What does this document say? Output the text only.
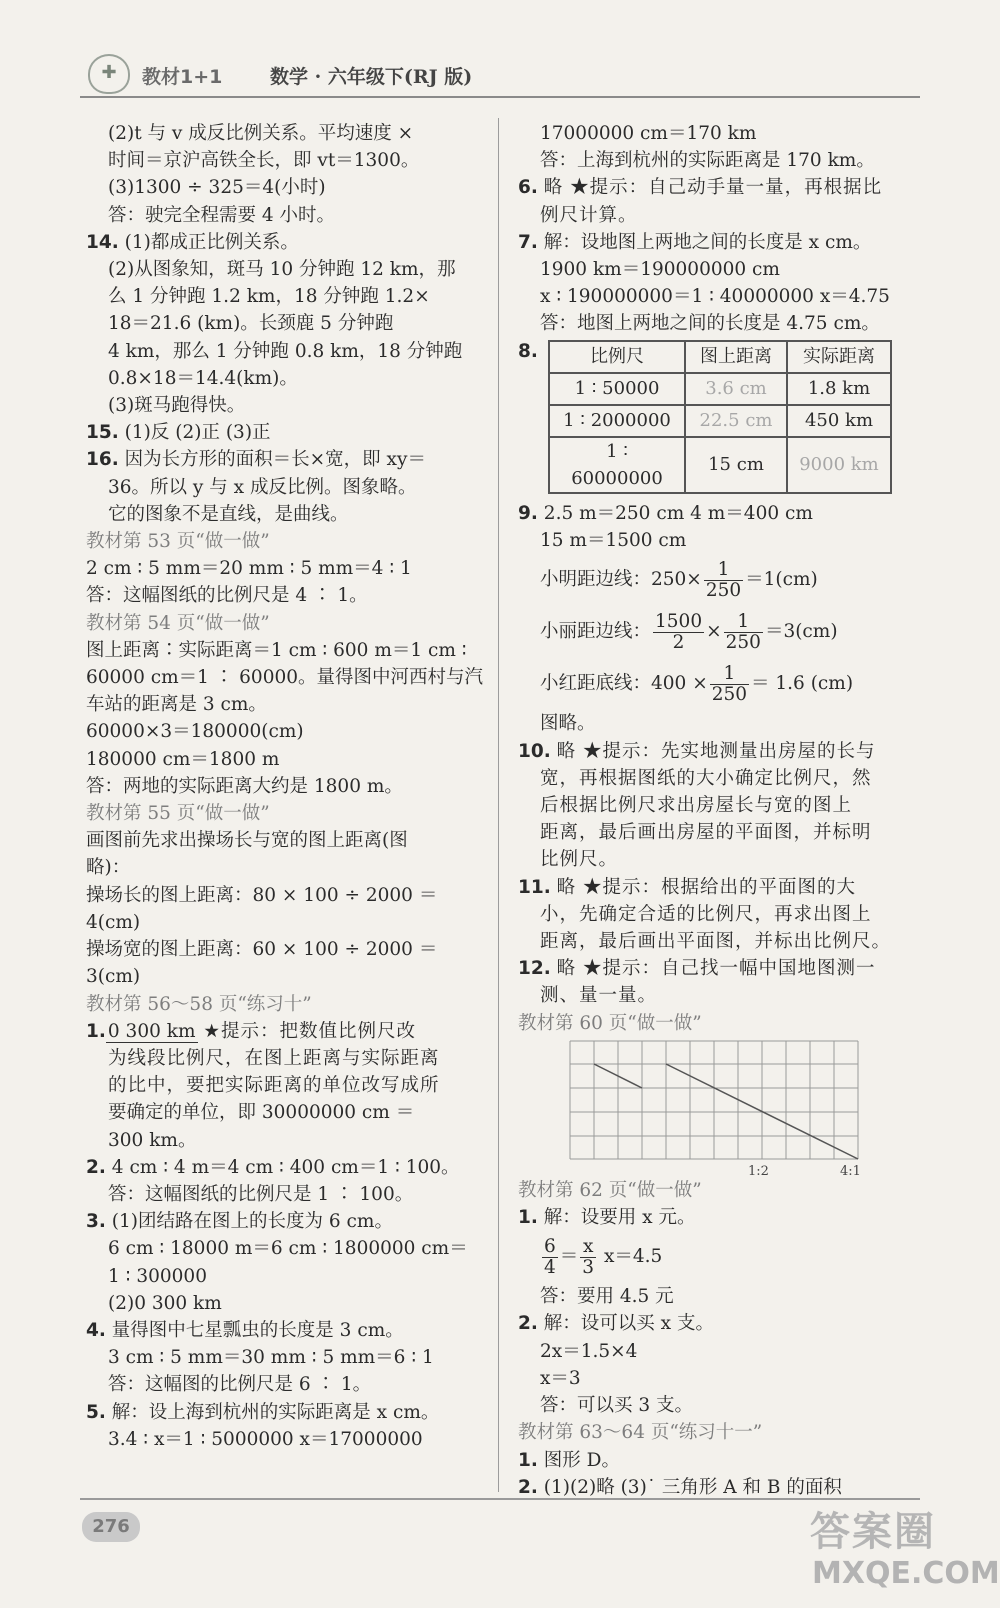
✚	教材1+1	数学 · 六年级下(RJ 版)

(2)t 与 v 成反比例关系。平均速度 ×

时间＝京沪高铁全长，即 vt＝1300。

(3)1300 ÷ 325＝4(小时)

答：驶完全程需要 4 小时。

14. (1)都成正比例关系。

(2)从图象知，斑马 10 分钟跑 12 km，那

么 1 分钟跑 1.2 km，18 分钟跑 1.2×

18＝21.6 (km)。长颈鹿 5 分钟跑

4 km，那么 1 分钟跑 0.8 km，18 分钟跑

0.8×18＝14.4(km)。

(3)斑马跑得快。

15. (1)反 (2)正 (3)正

16. 因为长方形的面积＝长×宽，即 xy＝

36。所以 y 与 x 成反比例。图象略。

它的图象不是直线，是曲线。

教材第 53 页“做一做”

2 cm ∶ 5 mm＝20 mm ∶ 5 mm＝4 ∶ 1

答：这幅图纸的比例尺是 4 ∶ 1。

教材第 54 页“做一做”

图上距离∶实际距离＝1 cm ∶ 600 m＝1 cm ∶

60000 cm＝1 ∶ 60000。量得图中河西村与汽

车站的距离是 3 cm。

60000×3＝180000(cm)

180000 cm＝1800 m

答：两地的实际距离大约是 1800 m。

教材第 55 页“做一做”

画图前先求出操场长与宽的图上距离(图

略)：

操场长的图上距离：80 × 100 ÷ 2000 ＝

4(cm)

操场宽的图上距离：60 × 100 ÷ 2000 ＝

3(cm)

教材第 56～58 页“练习十”

1. 0 300 km ★提示：把数值比例尺改

为线段比例尺，在图上距离与实际距离

的比中，要把实际距离的单位改写成所

要确定的单位，即 30000000 cm ＝

300 km。

2. 4 cm ∶ 4 m＝4 cm ∶ 400 cm＝1 ∶ 100。

答：这幅图纸的比例尺是 1 ∶ 100。

3. (1)团结路在图上的长度为 6 cm。

6 cm ∶ 18000 m＝6 cm ∶ 1800000 cm＝

1 ∶ 300000

(2)0 300 km

4. 量得图中七星瓢虫的长度是 3 cm。

3 cm ∶ 5 mm＝30 mm ∶ 5 mm＝6 ∶ 1

答：这幅图的比例尺是 6 ∶ 1。

5. 解：设上海到杭州的实际距离是 x cm。

3.4 ∶ x＝1 ∶ 5000000 x＝17000000

17000000 cm＝170 km

答：上海到杭州的实际距离是 170 km。

6. 略 ★提示：自己动手量一量，再根据比

例尺计算。

7. 解：设地图上两地之间的长度是 x cm。

1900 km＝190000000 cm

x ∶ 190000000＝1 ∶ 40000000 x＝4.75

答：地图上两地之间的长度是 4.75 cm。

8.	比例尺	图上距离	实际距离
1 ∶ 50000	3.6 cm	1.8 km
1 ∶ 2000000	22.5 cm	450 km
1 ∶ 60000000	15 cm	9000 km

9. 2.5 m＝250 cm 4 m＝400 cm

15 m＝1500 cm

小明距边线：$250\times \frac{1}{250} =1(cm)$

小丽距边线： $\frac{1500}{2} \times \frac{1}{250} =3(cm)$

小红距底线：$400 \times \frac{1}{250} = 1.6$ (cm)

图略。

10. 略 ★提示：先实地测量出房屋的长与

宽，再根据图纸的大小确定比例尺，然

后根据比例尺求出房屋长与宽的图上

距离，最后画出房屋的平面图，并标明

比例尺。

11. 略 ★提示：根据给出的平面图的大

小，先确定合适的比例尺，再求出图上

距离，最后画出平面图，并标出比例尺。

12. 略 ★提示：自己找一幅中国地图测一

测、量一量。

教材第 60 页“做一做”

1:2	4:1

教材第 62 页“做一做”

1. 解：设要用 x 元。

$\frac{6}{4} = \frac{x}{3} x=4.5$

答：要用 4.5 元

2. 解：设可以买 x 支。

2x＝1.5×4

x＝3

答：可以买 3 支。

教材第 63～64 页“练习十一”

1. 图形 D。

2. (1)(2)略 (3)˙ 三角形 A 和 B 的面积

276	答案圈
MXQE.COM
